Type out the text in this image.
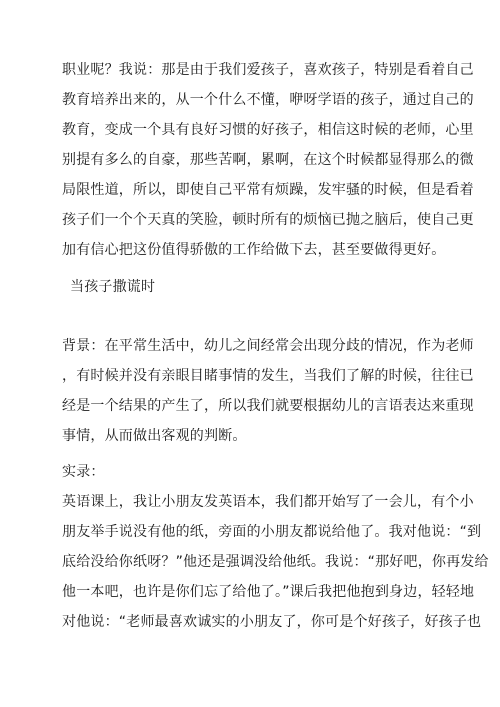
职业呢？我说：那是由于我们爱孩子，喜欢孩子，特别是看着自己
教育培养出来的，从一个什么不懂，咿呀学语的孩子，通过自己的
教育，变成一个具有良好习惯的好孩子，相信这时候的老师，心里
别提有多么的自豪，那些苦啊，累啊，在这个时候都显得那么的微
局限性道，所以，即使自己平常有烦躁，发牢骚的时候，但是看着
孩子们一个个天真的笑脸，顿时所有的烦恼已抛之脑后，使自己更
加有信心把这份值得骄傲的工作给做下去，甚至要做得更好。
当孩子撒谎时
背景：在平常生活中，幼儿之间经常会出现分歧的情况，作为老师
，有时候并没有亲眼目睹事情的发生，当我们了解的时候，往往已
经是一个结果的产生了，所以我们就要根据幼儿的言语表达来重现
事情，从而做出客观的判断。
实录：
英语课上，我让小朋友发英语本，我们都开始写了一会儿，有个小
朋友举手说没有他的纸，旁面的小朋友都说给他了。我对他说：“到
底给没给你纸呀？”他还是强调没给他纸。我说：“那好吧，你再发给
他一本吧，也许是你们忘了给他了。”课后我把他抱到身边，轻轻地
对他说：“老师最喜欢诚实的小朋友了，你可是个好孩子，好孩子也
